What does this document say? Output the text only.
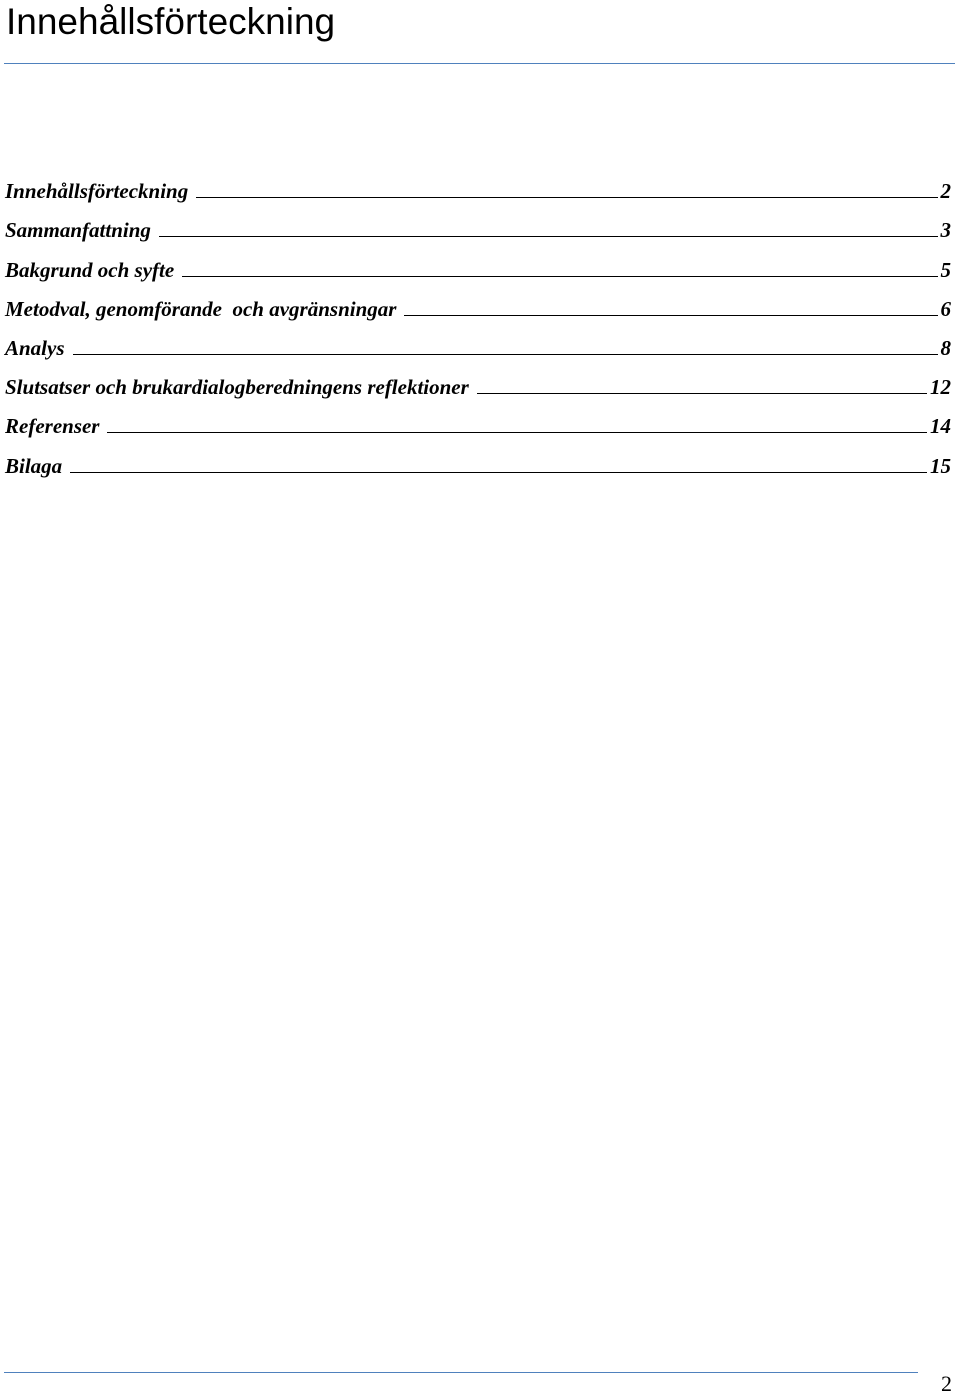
Innehållsförteckning
Innehållsförteckning	2
Sammanfattning	3
Bakgrund och syfte	5
Metodval, genomförande  och avgränsningar	6
Analys	8
Slutsatser och brukardialogberedningens reflektioner	12
Referenser	14
Bilaga	15
2
